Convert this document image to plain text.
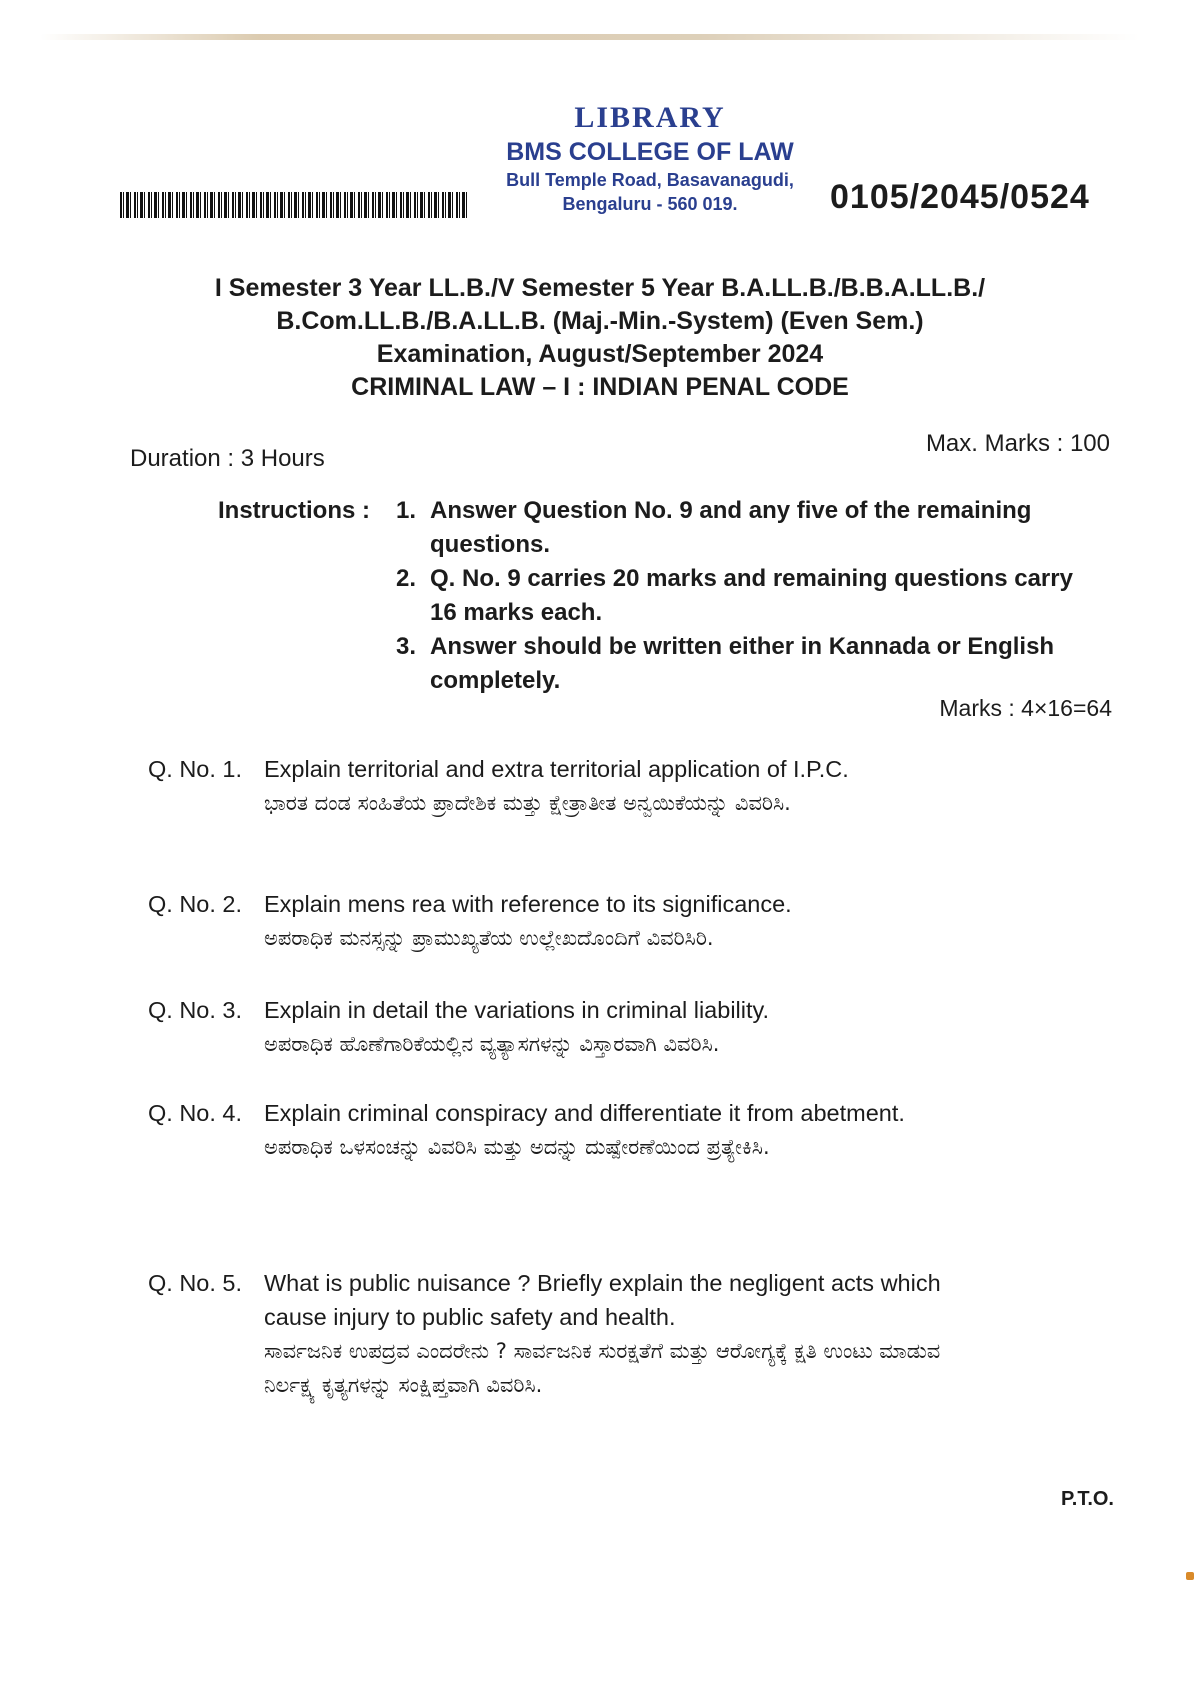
LIBRARY
BMS COLLEGE OF LAW
Bull Temple Road, Basavanagudi,
Bengaluru - 560 019.	0105/2045/0524
I Semester 3 Year LL.B./V Semester 5 Year B.A.LL.B./B.B.A.LL.B./
B.Com.LL.B./B.A.LL.B. (Maj.-Min.-System) (Even Sem.)
Examination, August/September 2024
CRIMINAL LAW – I : INDIAN PENAL CODE
Duration : 3 Hours
Max. Marks : 100
Instructions : 1. Answer Question No. 9 and any five of the remaining questions.
2. Q. No. 9 carries 20 marks and remaining questions carry 16 marks each.
3. Answer should be written either in Kannada or English completely.
Marks : 4×16=64
Q. No. 1. Explain territorial and extra territorial application of I.P.C.
ಭಾರತ ದಂಡ ಸಂಹಿತೆಯ ಪ್ರಾದೇಶಿಕ ಮತ್ತು ಕ್ಷೇತ್ರಾತೀತ ಅನ್ವಯಿಕೆಯನ್ನು ವಿವರಿಸಿ.
Q. No. 2. Explain mens rea with reference to its significance.
ಅಪರಾಧಿಕ ಮನಸ್ಸನ್ನು ಪ್ರಾಮುಖ್ಯತೆಯ ಉಲ್ಲೇಖದೊಂದಿಗೆ ವಿವರಿಸಿರಿ.
Q. No. 3. Explain in detail the variations in criminal liability.
ಅಪರಾಧಿಕ ಹೊಣೆಗಾರಿಕೆಯಲ್ಲಿನ ವ್ಯತ್ಯಾಸಗಳನ್ನು ವಿಸ್ತಾರವಾಗಿ ವಿವರಿಸಿ.
Q. No. 4. Explain criminal conspiracy and differentiate it from abetment.
ಅಪರಾಧಿಕ ಒಳಸಂಚನ್ನು ವಿವರಿಸಿ ಮತ್ತು ಅದನ್ನು ದುಷ್ಪೇರಣೆಯಿಂದ ಪ್ರತ್ಯೇಕಿಸಿ.
Q. No. 5. What is public nuisance ? Briefly explain the negligent acts which cause injury to public safety and health.
ಸಾರ್ವಜನಿಕ ಉಪದ್ರವ ಎಂದರೇನು ? ಸಾರ್ವಜನಿಕ ಸುರಕ್ಷತೆಗೆ ಮತ್ತು ಆರೋಗ್ಯಕ್ಕೆ ಕ್ಷತಿ ಉಂಟು ಮಾಡುವ ನಿರ್ಲಕ್ಷ್ಯ ಕೃತ್ಯಗಳನ್ನು ಸಂಕ್ಷಿಪ್ತವಾಗಿ ವಿವರಿಸಿ.
P.T.O.
